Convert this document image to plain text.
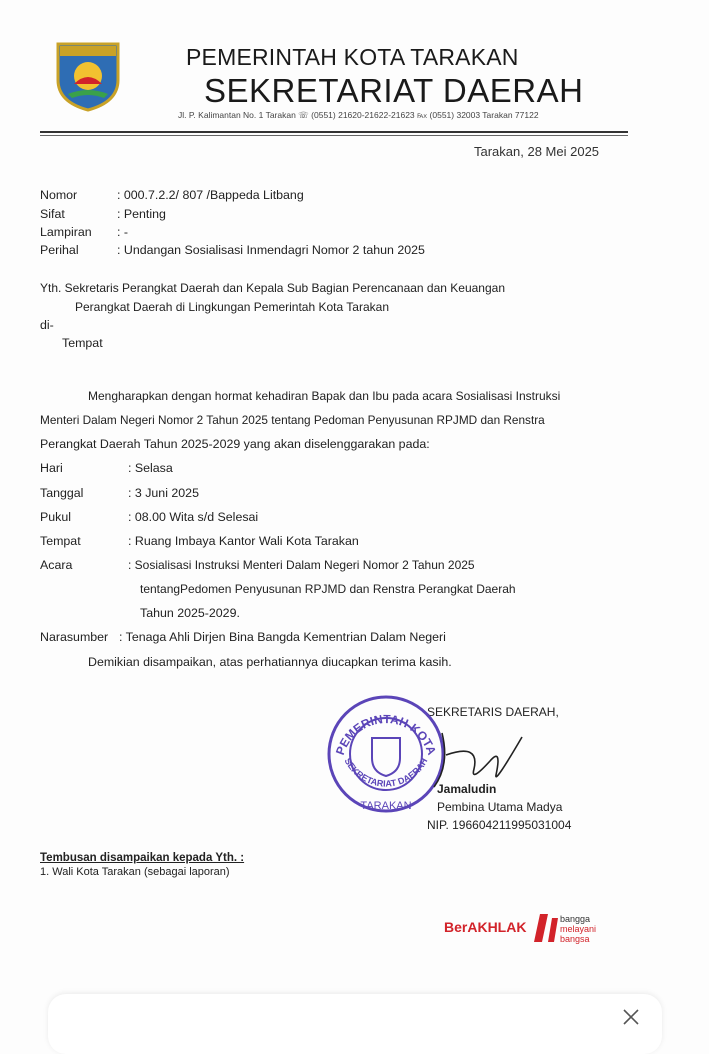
PEMERINTAH KOTA TARAKAN
SEKRETARIAT DAERAH
Jl. P. Kalimantan No. 1 Tarakan ☏ (0551) 21620-21622-21623 ℻ (0551) 32003 Tarakan 77122
Tarakan, 28 Mei 2025
Nomor	: 000.7.2.2/ 807 /Bappeda Litbang
Sifat	: Penting
Lampiran : -
Perihal	: Undangan Sosialisasi Inmendagri Nomor 2 tahun 2025
Yth. Sekretaris Perangkat Daerah dan Kepala Sub Bagian Perencanaan dan Keuangan
Perangkat Daerah di Lingkungan Pemerintah Kota Tarakan
di-
Tempat
Mengharapkan dengan hormat kehadiran Bapak dan Ibu pada acara Sosialisasi Instruksi
Menteri Dalam Negeri Nomor 2 Tahun 2025 tentang Pedoman Penyusunan RPJMD dan Renstra
Perangkat Daerah Tahun 2025-2029 yang akan diselenggarakan pada:
Hari	: Selasa
Tanggal	: 3 Juni 2025
Pukul	: 08.00 Wita s/d Selesai
Tempat	: Ruang Imbaya Kantor Wali Kota Tarakan
Acara	: Sosialisasi Instruksi Menteri Dalam Negeri Nomor 2 Tahun 2025
tentangPedomen Penyusunan RPJMD dan Renstra Perangkat Daerah
Tahun 2025-2029.
Narasumber : Tenaga Ahli Dirjen Bina Bangda Kementrian Dalam Negeri
Demikian disampaikan, atas perhatiannya diucapkan terima kasih.
SEKRETARIS DAERAH,
Jamaludin
Pembina Utama Madya
NIP. 196604211995031004
PEMERINTAH KOTA
SEKRETARIAT DAERAH
TARAKAN
Tembusan disampaikan kepada Yth. :
1. Wali Kota Tarakan (sebagai laporan)
BerAKHLAK	bangga
melayani
bangsa
